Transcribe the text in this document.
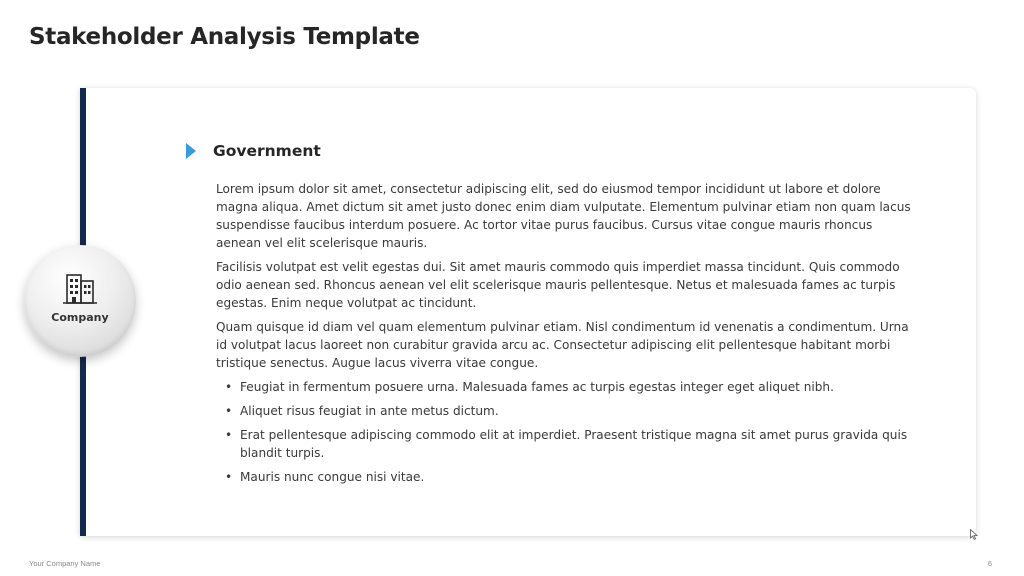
Stakeholder Analysis Template
Company
Government

Lorem ipsum dolor sit amet, consectetur adipiscing elit, sed do eiusmod tempor incididunt ut labore et dolore magna aliqua. Amet dictum sit amet justo donec enim diam vulputate. Elementum pulvinar etiam non quam lacus suspendisse faucibus interdum posuere. Ac tortor vitae purus faucibus. Cursus vitae congue mauris rhoncus aenean vel elit scelerisque mauris.

Facilisis volutpat est velit egestas dui. Sit amet mauris commodo quis imperdiet massa tincidunt. Quis commodo odio aenean sed. Rhoncus aenean vel elit scelerisque mauris pellentesque. Netus et malesuada fames ac turpis egestas. Enim neque volutpat ac tincidunt.

Quam quisque id diam vel quam elementum pulvinar etiam. Nisl condimentum id venenatis a condimentum. Urna id volutpat lacus laoreet non curabitur gravida arcu ac. Consectetur adipiscing elit pellentesque habitant morbi tristique senectus. Augue lacus viverra vitae congue.

• Feugiat in fermentum posuere urna. Malesuada fames ac turpis egestas integer eget aliquet nibh.
• Aliquet risus feugiat in ante metus dictum.
• Erat pellentesque adipiscing commodo elit at imperdiet. Praesent tristique magna sit amet purus gravida quis blandit turpis.
• Mauris nunc congue nisi vitae.
Your Company Name	6
